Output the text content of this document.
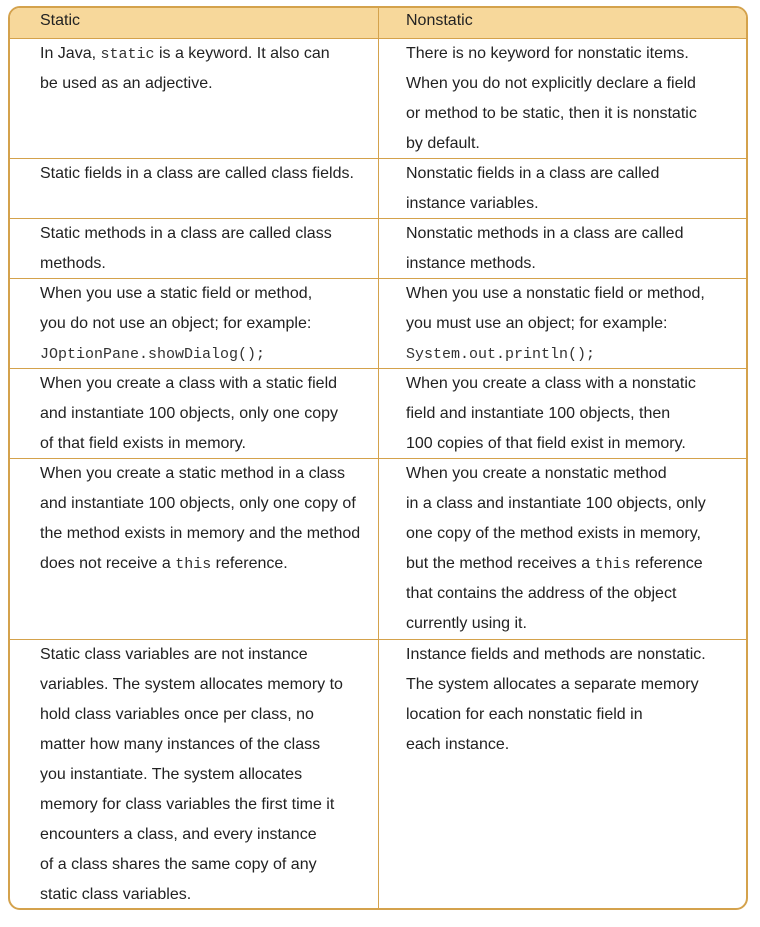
Static	Nonstatic
In Java, static is a keyword. It also can
be used as an adjective.
There is no keyword for nonstatic items.
When you do not explicitly declare a field
or method to be static, then it is nonstatic
by default.
Static fields in a class are called class fields.	Nonstatic fields in a class are called
instance variables.
Static methods in a class are called class
methods.
Nonstatic methods in a class are called
instance methods.
When you use a static field or method,
you do not use an object; for example:
JOptionPane.showDialog();
When you use a nonstatic field or method,
you must use an object; for example:
System.out.println();
When you create a class with a static field
and instantiate 100 objects, only one copy
of that field exists in memory.
When you create a class with a nonstatic
field and instantiate 100 objects, then
100 copies of that field exist in memory.
When you create a static method in a class
and instantiate 100 objects, only one copy of
the method exists in memory and the method
does not receive a this reference.
When you create a nonstatic method
in a class and instantiate 100 objects, only
one copy of the method exists in memory,
but the method receives a this reference
that contains the address of the object
currently using it.
Static class variables are not instance
variables. The system allocates memory to
hold class variables once per class, no
matter how many instances of the class
you instantiate. The system allocates
memory for class variables the first time it
encounters a class, and every instance
of a class shares the same copy of any
static class variables.
Instance fields and methods are nonstatic.
The system allocates a separate memory
location for each nonstatic field in
each instance.
